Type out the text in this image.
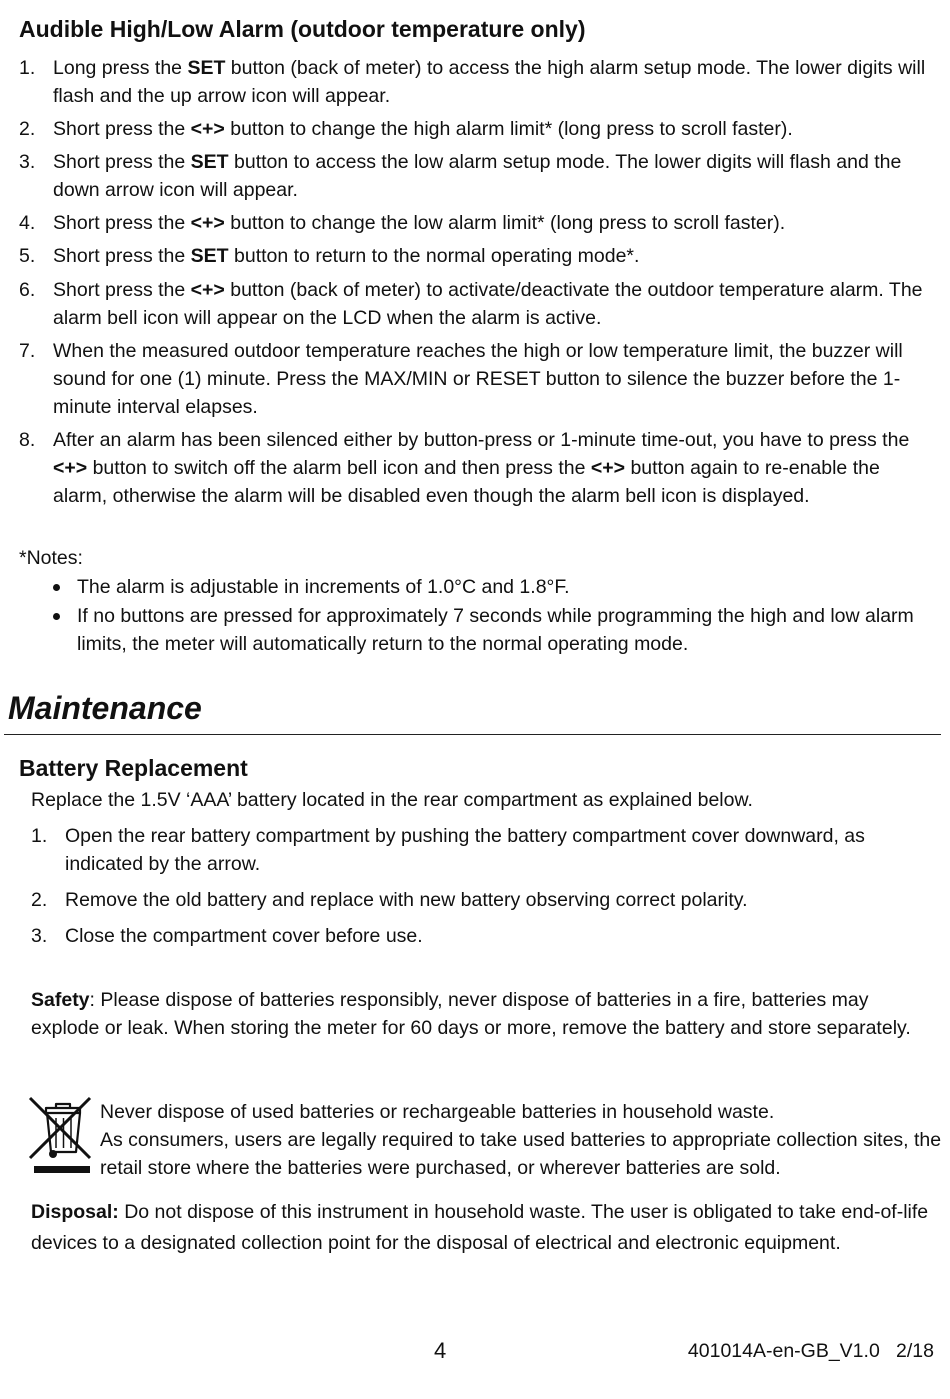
Audible High/Low Alarm (outdoor temperature only)
1. Long press the SET button (back of meter) to access the high alarm setup mode. The lower digits will flash and the up arrow icon will appear.
2. Short press the <+> button to change the high alarm limit* (long press to scroll faster).
3. Short press the SET button to access the low alarm setup mode. The lower digits will flash and the down arrow icon will appear.
4. Short press the <+> button to change the low alarm limit* (long press to scroll faster).
5. Short press the SET button to return to the normal operating mode*.
6. Short press the <+> button (back of meter) to activate/deactivate the outdoor temperature alarm. The alarm bell icon will appear on the LCD when the alarm is active.
7. When the measured outdoor temperature reaches the high or low temperature limit, the buzzer will sound for one (1) minute. Press the MAX/MIN or RESET button to silence the buzzer before the 1-minute interval elapses.
8. After an alarm has been silenced either by button-press or 1-minute time-out, you have to press the <+> button to switch off the alarm bell icon and then press the <+> button again to re-enable the alarm, otherwise the alarm will be disabled even though the alarm bell icon is displayed.
*Notes:
The alarm is adjustable in increments of 1.0°C and 1.8°F.
If no buttons are pressed for approximately 7 seconds while programming the high and low alarm limits, the meter will automatically return to the normal operating mode.
Maintenance
Battery Replacement
Replace the 1.5V ‘AAA’ battery located in the rear compartment as explained below.
1. Open the rear battery compartment by pushing the battery compartment cover downward, as indicated by the arrow.
2. Remove the old battery and replace with new battery observing correct polarity.
3. Close the compartment cover before use.
Safety: Please dispose of batteries responsibly, never dispose of batteries in a fire, batteries may explode or leak. When storing the meter for 60 days or more, remove the battery and store separately.
Never dispose of used batteries or rechargeable batteries in household waste.
As consumers, users are legally required to take used batteries to appropriate collection sites, the retail store where the batteries were purchased, or wherever batteries are sold.
Disposal: Do not dispose of this instrument in household waste. The user is obligated to take end-of-life devices to a designated collection point for the disposal of electrical and electronic equipment.
4	401014A-en-GB_V1.0   2/18
